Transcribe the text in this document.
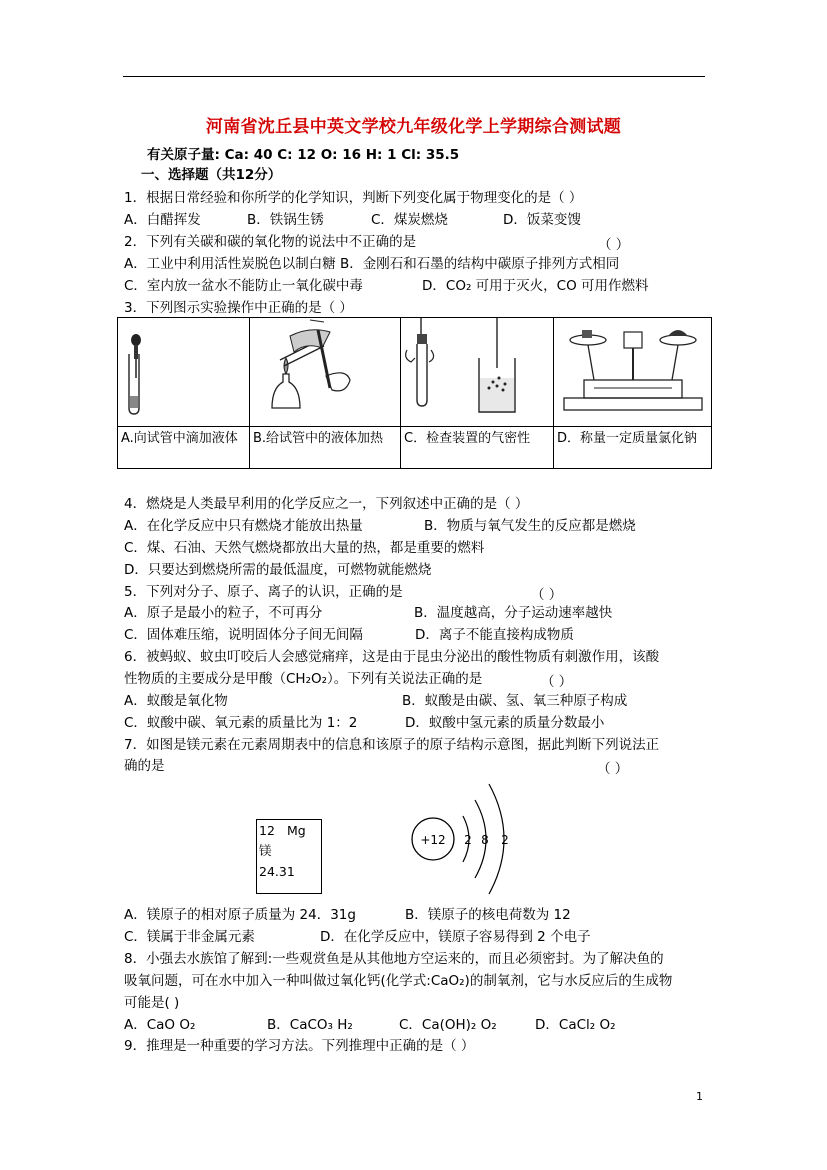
河南省沈丘县中英文学校九年级化学上学期综合测试题
有关原子量: Ca: 40 C: 12 O: 16 H: 1 Cl: 35.5
一、选择题（共12分）
1．根据日常经验和你所学的化学知识，判断下列变化属于物理变化的是（ ）
A．白醋挥发	B．铁锅生锈	C．煤炭燃烧	D．饭菜变馊
2．下列有关碳和碳的氧化物的说法中不正确的是	（ ）
A．工业中利用活性炭脱色以制白糖 B．金刚石和石墨的结构中碳原子排列方式相同
C．室内放一盆水不能防止一氧化碳中毒	D．CO₂ 可用于灭火，CO 可用作燃料
3．下列图示实验操作中正确的是（ ）

A.向试管中滴加液体	B.给试管中的液体加热	C．检查装置的气密性	D．称量一定质量氯化钠
4．燃烧是人类最早利用的化学反应之一，下列叙述中正确的是（ ）
A．在化学反应中只有燃烧才能放出热量	B．物质与氧气发生的反应都是燃烧
C．煤、石油、天然气燃烧都放出大量的热，都是重要的燃料
D．只要达到燃烧所需的最低温度，可燃物就能燃烧
5．下列对分子、原子、离子的认识，正确的是	（ ）
A．原子是最小的粒子，不可再分	B．温度越高，分子运动速率越快
C．固体难压缩，说明固体分子间无间隔	D．离子不能直接构成物质
6．被蚂蚁、蚊虫叮咬后人会感觉痛痒，这是由于昆虫分泌出的酸性物质有刺激作用，该酸
性物质的主要成分是甲酸（CH₂O₂）。下列有关说法正确的是	（ ）
A．蚁酸是氧化物	B．蚁酸是由碳、氢、氧三种原子构成
C．蚁酸中碳、氧元素的质量比为 1：2	D．蚁酸中氢元素的质量分数最小
7．如图是镁元素在元素周期表中的信息和该原子的原子结构示意图，据此判断下列说法正
确的是	（ ）
12 Mg
镁
24.31
+12 2 8 2
A．镁原子的相对原子质量为 24．31g	B．镁原子的核电荷数为 12
C．镁属于非金属元素	D．在化学反应中，镁原子容易得到 2 个电子
8．小强去水族馆了解到:一些观赏鱼是从其他地方空运来的，而且必须密封。为了解决鱼的
吸氧问题，可在水中加入一种叫做过氧化钙(化学式:CaO₂)的制氧剂，它与水反应后的生成物
可能是( )
A．CaO O₂	B．CaCO₃ H₂	C．Ca(OH)₂ O₂	D．CaCl₂ O₂
9．推理是一种重要的学习方法。下列推理中正确的是（ ）
1
